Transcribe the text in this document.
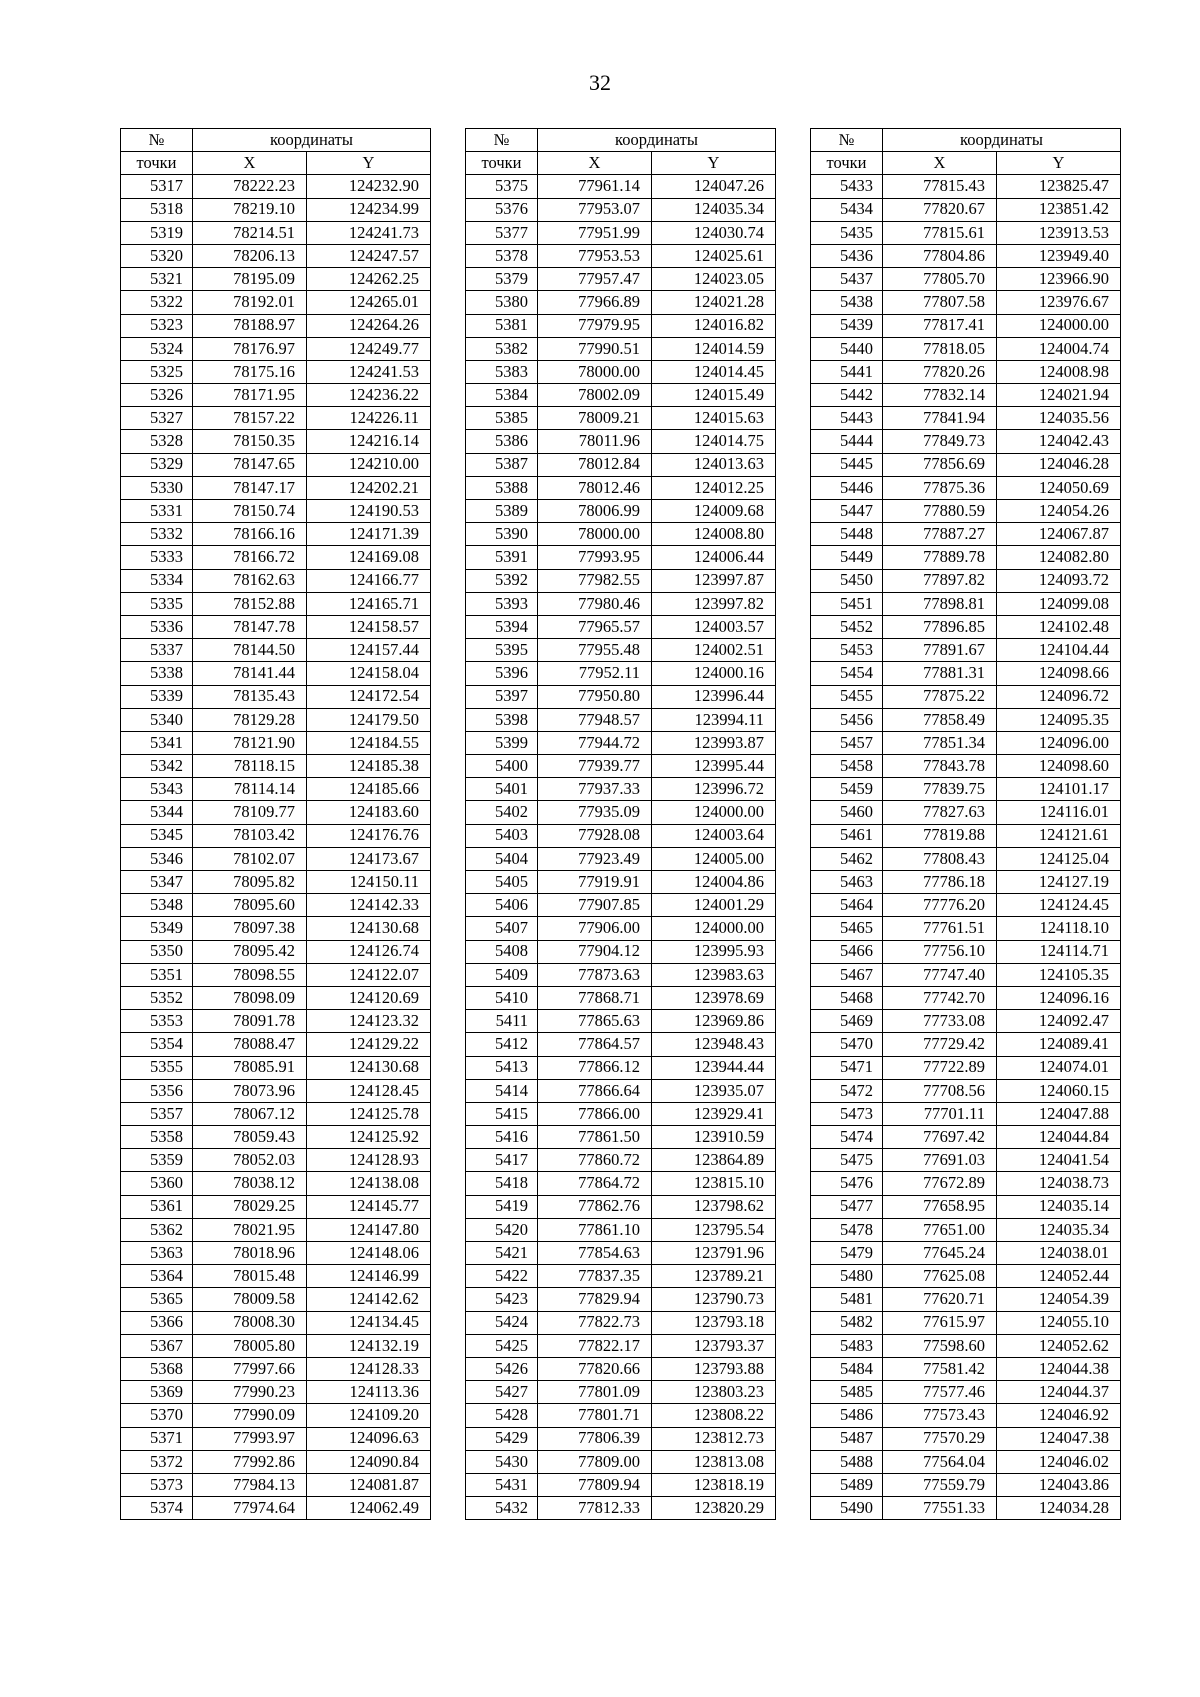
32
№	координаты	
точки	X	Y
5317	78222.23	124232.90
5318	78219.10	124234.99
5319	78214.51	124241.73
5320	78206.13	124247.57
5321	78195.09	124262.25
5322	78192.01	124265.01
5323	78188.97	124264.26
5324	78176.97	124249.77
5325	78175.16	124241.53
5326	78171.95	124236.22
5327	78157.22	124226.11
5328	78150.35	124216.14
5329	78147.65	124210.00
5330	78147.17	124202.21
5331	78150.74	124190.53
5332	78166.16	124171.39
5333	78166.72	124169.08
5334	78162.63	124166.77
5335	78152.88	124165.71
5336	78147.78	124158.57
5337	78144.50	124157.44
5338	78141.44	124158.04
5339	78135.43	124172.54
5340	78129.28	124179.50
5341	78121.90	124184.55
5342	78118.15	124185.38
5343	78114.14	124185.66
5344	78109.77	124183.60
5345	78103.42	124176.76
5346	78102.07	124173.67
5347	78095.82	124150.11
5348	78095.60	124142.33
5349	78097.38	124130.68
5350	78095.42	124126.74
5351	78098.55	124122.07
5352	78098.09	124120.69
5353	78091.78	124123.32
5354	78088.47	124129.22
5355	78085.91	124130.68
5356	78073.96	124128.45
5357	78067.12	124125.78
5358	78059.43	124125.92
5359	78052.03	124128.93
5360	78038.12	124138.08
5361	78029.25	124145.77
5362	78021.95	124147.80
5363	78018.96	124148.06
5364	78015.48	124146.99
5365	78009.58	124142.62
5366	78008.30	124134.45
5367	78005.80	124132.19
5368	77997.66	124128.33
5369	77990.23	124113.36
5370	77990.09	124109.20
5371	77993.97	124096.63
5372	77992.86	124090.84
5373	77984.13	124081.87
5374	77974.64	124062.49
№	координаты	
точки	X	Y
5375	77961.14	124047.26
5376	77953.07	124035.34
5377	77951.99	124030.74
5378	77953.53	124025.61
5379	77957.47	124023.05
5380	77966.89	124021.28
5381	77979.95	124016.82
5382	77990.51	124014.59
5383	78000.00	124014.45
5384	78002.09	124015.49
5385	78009.21	124015.63
5386	78011.96	124014.75
5387	78012.84	124013.63
5388	78012.46	124012.25
5389	78006.99	124009.68
5390	78000.00	124008.80
5391	77993.95	124006.44
5392	77982.55	123997.87
5393	77980.46	123997.82
5394	77965.57	124003.57
5395	77955.48	124002.51
5396	77952.11	124000.16
5397	77950.80	123996.44
5398	77948.57	123994.11
5399	77944.72	123993.87
5400	77939.77	123995.44
5401	77937.33	123996.72
5402	77935.09	124000.00
5403	77928.08	124003.64
5404	77923.49	124005.00
5405	77919.91	124004.86
5406	77907.85	124001.29
5407	77906.00	124000.00
5408	77904.12	123995.93
5409	77873.63	123983.63
5410	77868.71	123978.69
5411	77865.63	123969.86
5412	77864.57	123948.43
5413	77866.12	123944.44
5414	77866.64	123935.07
5415	77866.00	123929.41
5416	77861.50	123910.59
5417	77860.72	123864.89
5418	77864.72	123815.10
5419	77862.76	123798.62
5420	77861.10	123795.54
5421	77854.63	123791.96
5422	77837.35	123789.21
5423	77829.94	123790.73
5424	77822.73	123793.18
5425	77822.17	123793.37
5426	77820.66	123793.88
5427	77801.09	123803.23
5428	77801.71	123808.22
5429	77806.39	123812.73
5430	77809.00	123813.08
5431	77809.94	123818.19
5432	77812.33	123820.29
№	координаты	
точки	X	Y
5433	77815.43	123825.47
5434	77820.67	123851.42
5435	77815.61	123913.53
5436	77804.86	123949.40
5437	77805.70	123966.90
5438	77807.58	123976.67
5439	77817.41	124000.00
5440	77818.05	124004.74
5441	77820.26	124008.98
5442	77832.14	124021.94
5443	77841.94	124035.56
5444	77849.73	124042.43
5445	77856.69	124046.28
5446	77875.36	124050.69
5447	77880.59	124054.26
5448	77887.27	124067.87
5449	77889.78	124082.80
5450	77897.82	124093.72
5451	77898.81	124099.08
5452	77896.85	124102.48
5453	77891.67	124104.44
5454	77881.31	124098.66
5455	77875.22	124096.72
5456	77858.49	124095.35
5457	77851.34	124096.00
5458	77843.78	124098.60
5459	77839.75	124101.17
5460	77827.63	124116.01
5461	77819.88	124121.61
5462	77808.43	124125.04
5463	77786.18	124127.19
5464	77776.20	124124.45
5465	77761.51	124118.10
5466	77756.10	124114.71
5467	77747.40	124105.35
5468	77742.70	124096.16
5469	77733.08	124092.47
5470	77729.42	124089.41
5471	77722.89	124074.01
5472	77708.56	124060.15
5473	77701.11	124047.88
5474	77697.42	124044.84
5475	77691.03	124041.54
5476	77672.89	124038.73
5477	77658.95	124035.14
5478	77651.00	124035.34
5479	77645.24	124038.01
5480	77625.08	124052.44
5481	77620.71	124054.39
5482	77615.97	124055.10
5483	77598.60	124052.62
5484	77581.42	124044.38
5485	77577.46	124044.37
5486	77573.43	124046.92
5487	77570.29	124047.38
5488	77564.04	124046.02
5489	77559.79	124043.86
5490	77551.33	124034.28
